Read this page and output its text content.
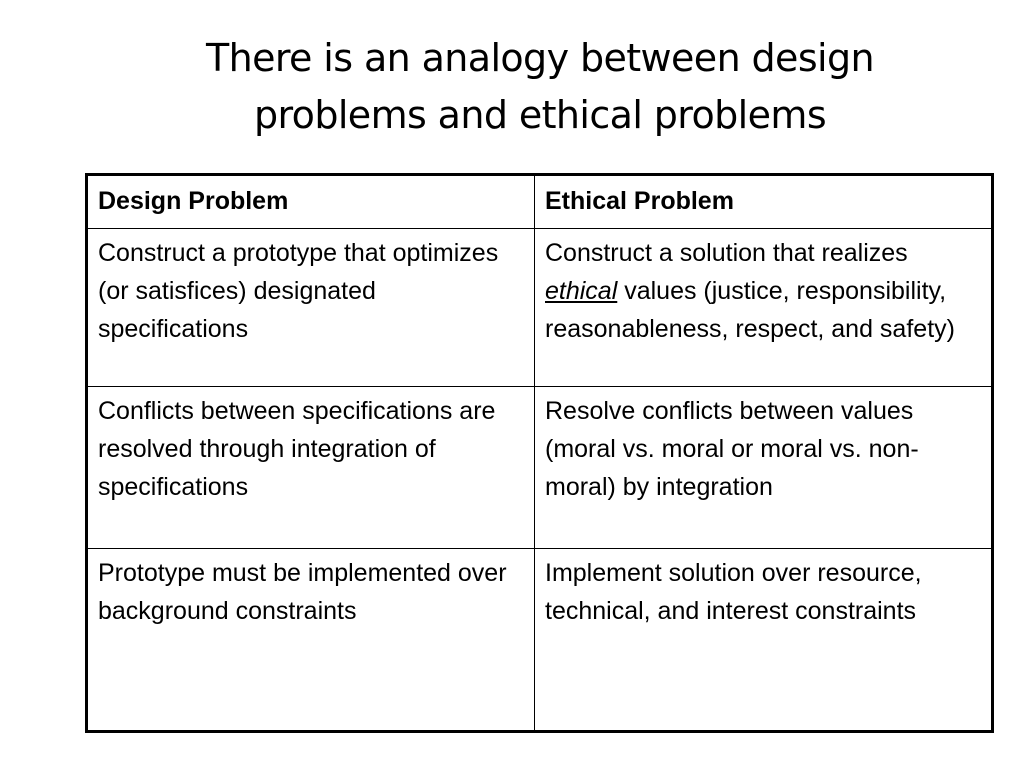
There is an analogy between design
problems and ethical problems
Design Problem	Ethical Problem
Construct a prototype that optimizes (or satisfices) designated specifications	Construct a solution that realizes ethical values (justice, responsibility, reasonableness, respect, and safety)
Conflicts between specifications are resolved through integration of specifications	Resolve conflicts between values (moral vs. moral or moral vs. non-moral) by integration
Prototype must be implemented over background constraints	Implement solution over resource, technical, and interest constraints
